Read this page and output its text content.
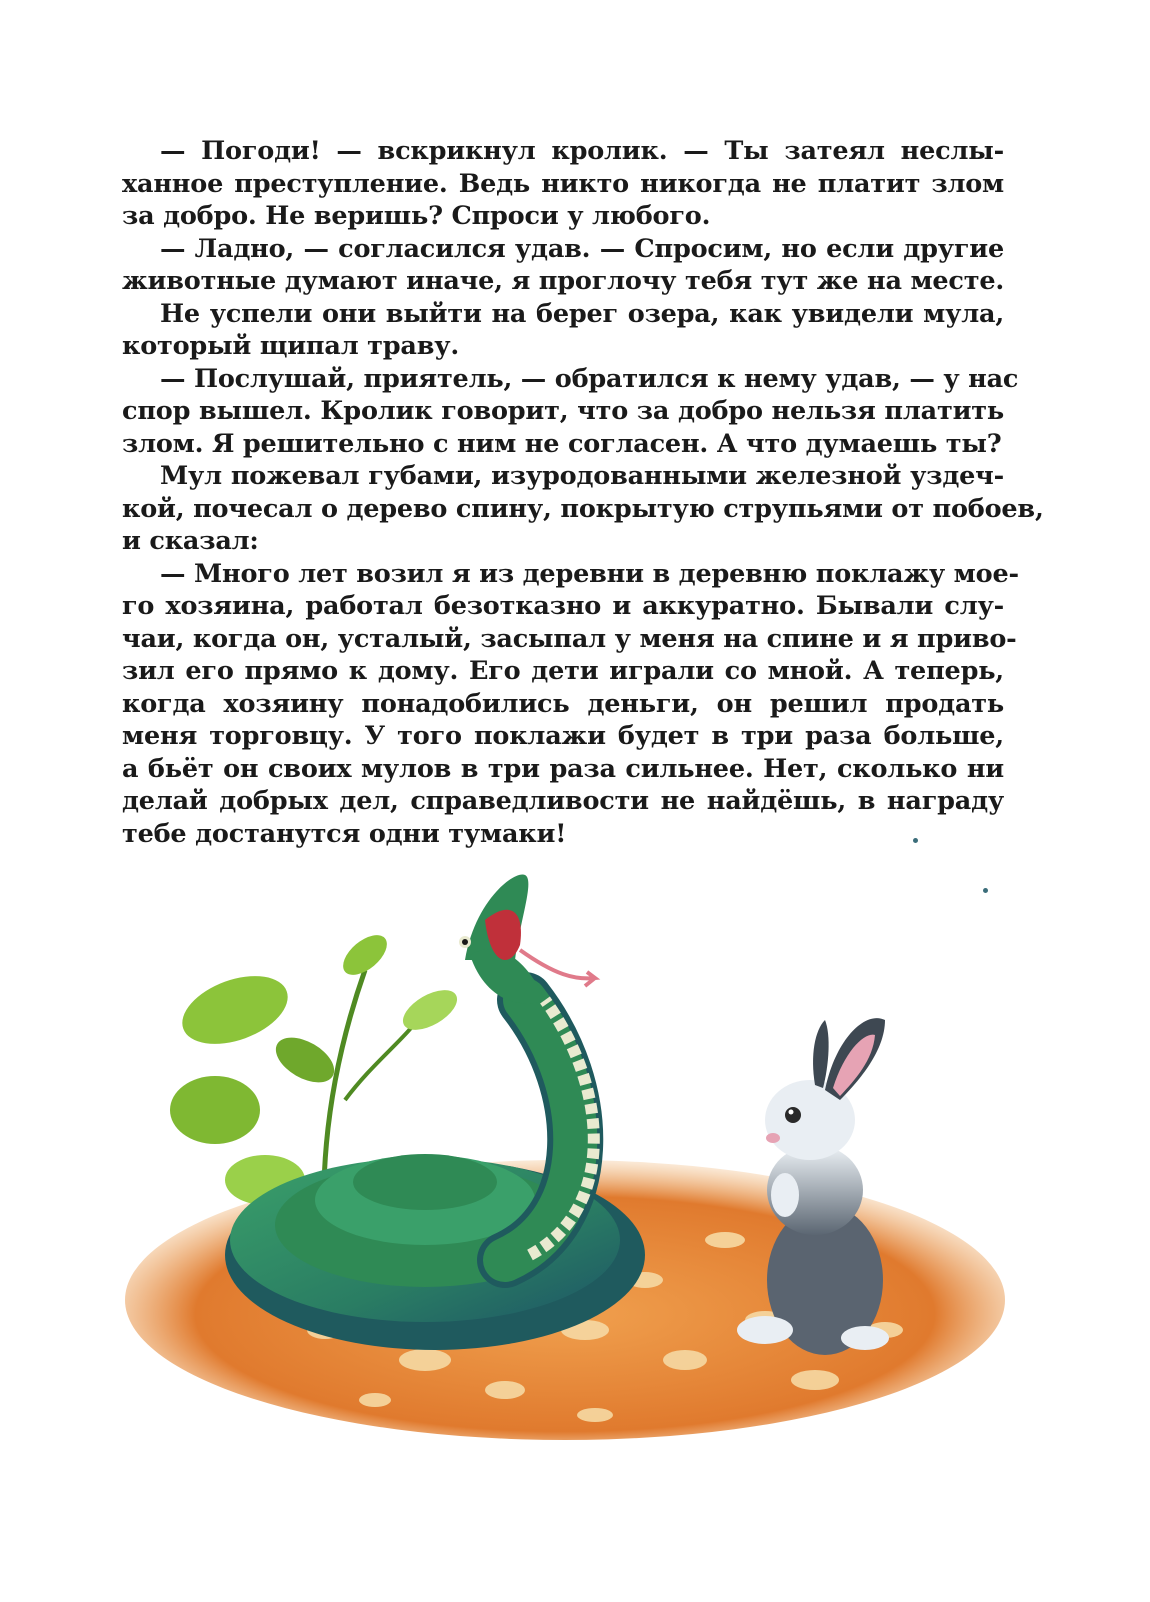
— Погоди! — вскрикнул кролик. — Ты затеял неслы-
ханное преступление. Ведь никто никогда не платит злом
за добро. Не веришь? Спроси у любого.
— Ладно, — согласился удав. — Спросим, но если другие
животные думают иначе, я проглочу тебя тут же на месте.
Не успели они выйти на берег озера, как увидели мула,
который щипал траву.
— Послушай, приятель, — обратился к нему удав, — у нас
спор вышел. Кролик говорит, что за добро нельзя платить
злом. Я решительно с ним не согласен. А что думаешь ты?
Мул пожевал губами, изуродованными железной уздеч-
кой, почесал о дерево спину, покрытую струпьями от побоев,
и сказал:
— Много лет возил я из деревни в деревню поклажу мое-
го хозяина, работал безотказно и аккуратно. Бывали слу-
чаи, когда он, усталый, засыпал у меня на спине и я приво-
зил его прямо к дому. Его дети играли со мной. А теперь,
когда хозяину понадобились деньги, он решил продать
меня торговцу. У того поклажи будет в три раза больше,
а бьёт он своих мулов в три раза сильнее. Нет, сколько ни
делай добрых дел, справедливости не найдёшь, в награду
тебе достанутся одни тумаки!
